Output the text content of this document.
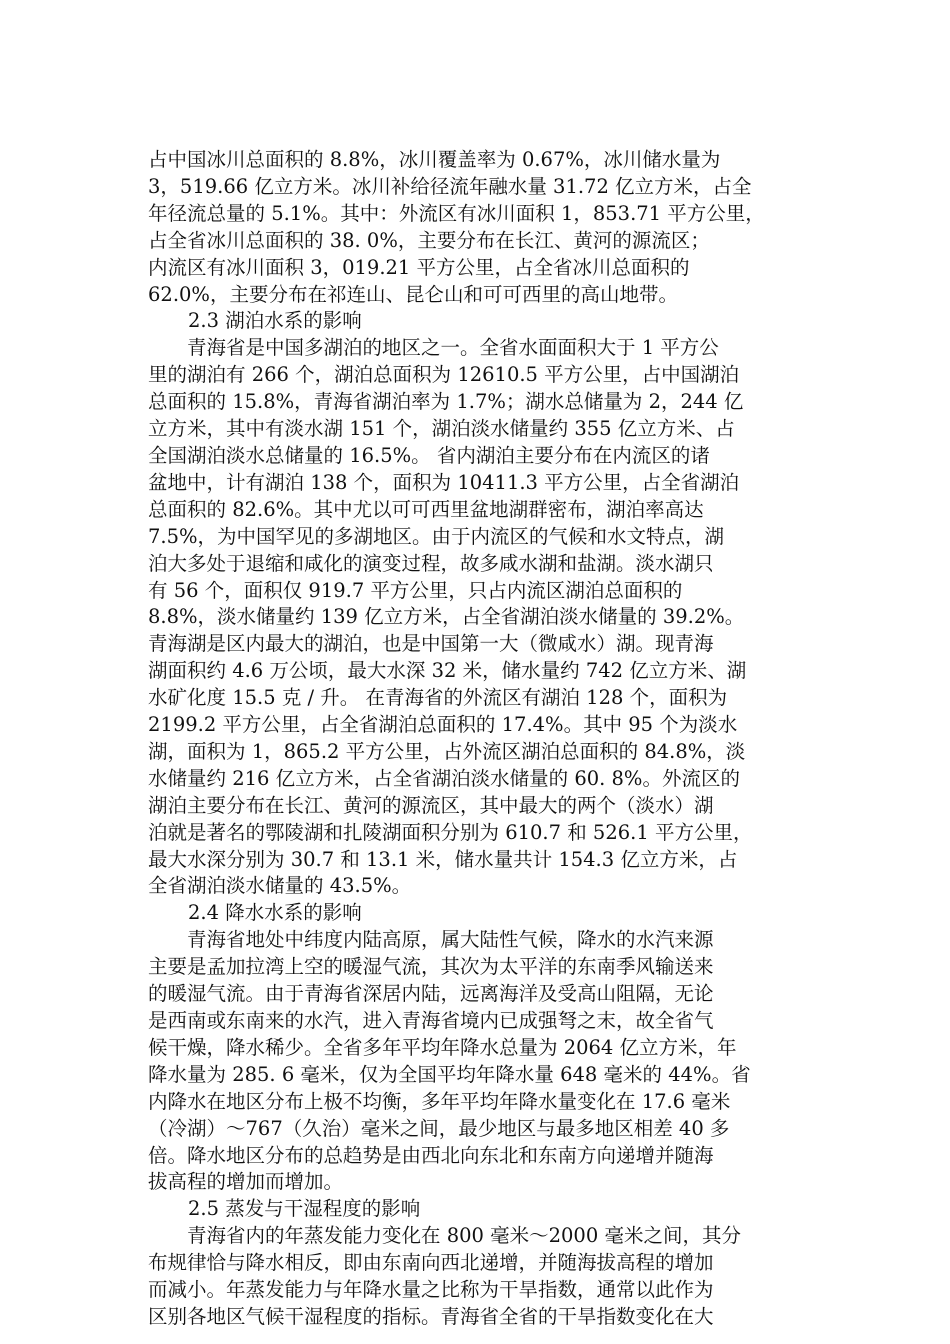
占中国冰川总面积的 8.8%，冰川覆盖率为 0.67%，冰川储水量为
3，519.66 亿立方米。冰川补给径流年融水量 31.72 亿立方米，占全
年径流总量的 5.1%。其中：外流区有冰川面积 1，853.71 平方公里，
占全省冰川总面积的 38. 0%，主要分布在长江、黄河的源流区；
内流区有冰川面积 3，019.21 平方公里，占全省冰川总面积的
62.0%，主要分布在祁连山、昆仑山和可可西里的高山地带。
2.3 湖泊水系的影响
　　青海省是中国多湖泊的地区之一。全省水面面积大于 1 平方公
里的湖泊有 266 个，湖泊总面积为 12610.5 平方公里，占中国湖泊
总面积的 15.8%，青海省湖泊率为 1.7%；湖水总储量为 2，244 亿
立方米，其中有淡水湖 151 个，湖泊淡水储量约 355 亿立方米、占
全国湖泊淡水总储量的 16.5%。 省内湖泊主要分布在内流区的诸
盆地中，计有湖泊 138 个，面积为 10411.3 平方公里，占全省湖泊
总面积的 82.6%。其中尤以可可西里盆地湖群密布，湖泊率高达
7.5%，为中国罕见的多湖地区。由于内流区的气候和水文特点，湖
泊大多处于退缩和咸化的演变过程，故多咸水湖和盐湖。淡水湖只
有 56 个，面积仅 919.7 平方公里，只占内流区湖泊总面积的
8.8%，淡水储量约 139 亿立方米，占全省湖泊淡水储量的 39.2%。
青海湖是区内最大的湖泊，也是中国第一大（微咸水）湖。现青海
湖面积约 4.6 万公顷，最大水深 32 米，储水量约 742 亿立方米、湖
水矿化度 15.5 克 / 升。 在青海省的外流区有湖泊 128 个，面积为
2199.2 平方公里，占全省湖泊总面积的 17.4%。其中 95 个为淡水
湖，面积为 1，865.2 平方公里，占外流区湖泊总面积的 84.8%，淡
水储量约 216 亿立方米，占全省湖泊淡水储量的 60. 8%。外流区的
湖泊主要分布在长江、黄河的源流区，其中最大的两个（淡水）湖
泊就是著名的鄂陵湖和扎陵湖面积分别为 610.7 和 526.1 平方公里，
最大水深分别为 30.7 和 13.1 米，储水量共计 154.3 亿立方米，占
全省湖泊淡水储量的 43.5%。
2.4 降水水系的影响
　　青海省地处中纬度内陆高原，属大陆性气候，降水的水汽来源
主要是孟加拉湾上空的暖湿气流，其次为太平洋的东南季风输送来
的暖湿气流。由于青海省深居内陆，远离海洋及受高山阻隔，无论
是西南或东南来的水汽，进入青海省境内已成强弩之末，故全省气
候干燥，降水稀少。全省多年平均年降水总量为 2064 亿立方米，年
降水量为 285. 6 毫米，仅为全国平均年降水量 648 毫米的 44%。省
内降水在地区分布上极不均衡，多年平均年降水量变化在 17.6 毫米
（冷湖）～767（久治）毫米之间，最少地区与最多地区相差 40 多
倍。降水地区分布的总趋势是由西北向东北和东南方向递增并随海
拔高程的增加而增加。
2.5 蒸发与干湿程度的影响
　　青海省内的年蒸发能力变化在 800 毫米～2000 毫米之间，其分
布规律恰与降水相反，即由东南向西北递增，并随海拔高程的增加
而减小。年蒸发能力与年降水量之比称为干旱指数，通常以此作为
区别各地区气候干湿程度的指标。青海省全省的干旱指数变化在大
